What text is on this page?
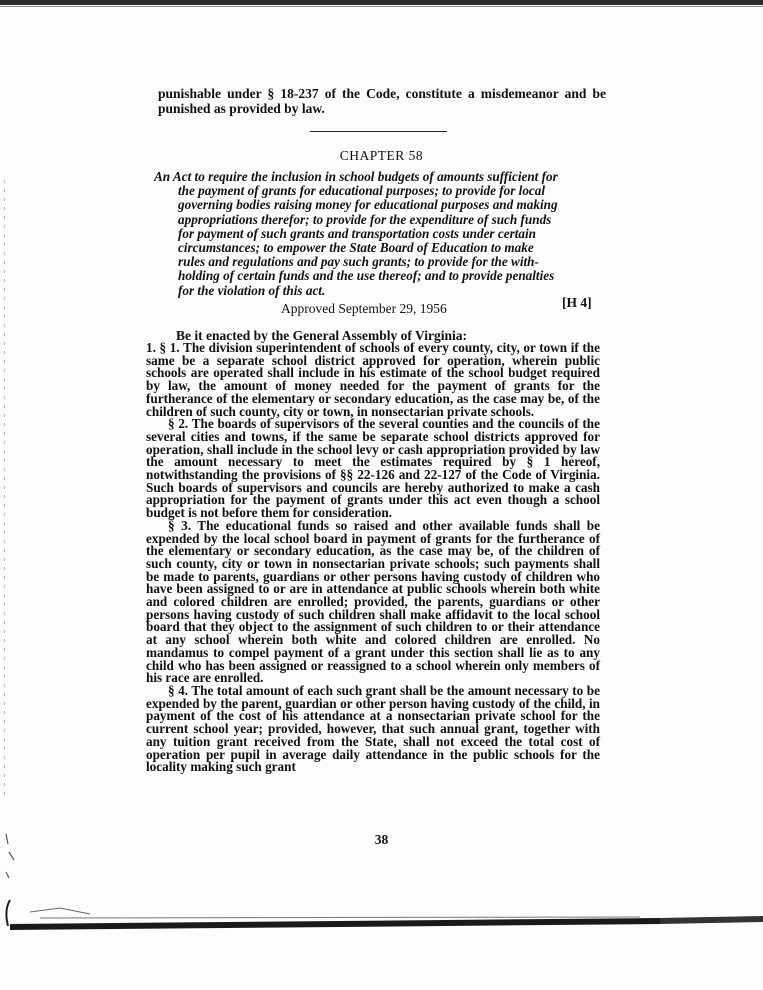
punishable under § 18-237 of the Code, constitute a misdemeanor and be punished as provided by law.
CHAPTER 58
An Act to require the inclusion in school budgets of amounts sufficient for
the payment of grants for educational purposes; to provide for local
governing bodies raising money for educational purposes and making
appropriations therefor; to provide for the expenditure of such funds
for payment of such grants and transportation costs under certain
circumstances; to empower the State Board of Education to make
rules and regulations and pay such grants; to provide for the with-
holding of certain funds and the use thereof; and to provide penalties
for the violation of this act.
Approved September 29, 1956	[H 4]
Be it enacted by the General Assembly of Virginia:

1. § 1. The division superintendent of schools of every county, city, or town if the same be a separate school district approved for operation, wherein public schools are operated shall include in his estimate of the school budget required by law, the amount of money needed for the payment of grants for the furtherance of the elementary or secondary education, as the case may be, of the children of such county, city or town, in nonsectarian private schools.

§ 2. The boards of supervisors of the several counties and the councils of the several cities and towns, if the same be separate school districts approved for operation, shall include in the school levy or cash appropriation provided by law the amount necessary to meet the estimates required by § 1 hereof, notwithstanding the provisions of §§ 22-126 and 22-127 of the Code of Virginia. Such boards of supervisors and councils are hereby authorized to make a cash appropriation for the payment of grants under this act even though a school budget is not before them for consideration.

§ 3. The educational funds so raised and other available funds shall be expended by the local school board in payment of grants for the furtherance of the elementary or secondary education, as the case may be, of the children of such county, city or town in nonsectarian private schools; such payments shall be made to parents, guardians or other persons having custody of children who have been assigned to or are in attendance at public schools wherein both white and colored children are enrolled; provided, the parents, guardians or other persons having custody of such children shall make affidavit to the local school board that they object to the assignment of such children to or their attendance at any school wherein both white and colored children are enrolled. No mandamus to compel payment of a grant under this section shall lie as to any child who has been assigned or reassigned to a school wherein only members of his race are enrolled.

§ 4. The total amount of each such grant shall be the amount necessary to be expended by the parent, guardian or other person having custody of the child, in payment of the cost of his attendance at a nonsectarian private school for the current school year; provided, however, that such annual grant, together with any tuition grant received from the State, shall not exceed the total cost of operation per pupil in average daily attendance in the public schools for the locality making such grant

38
